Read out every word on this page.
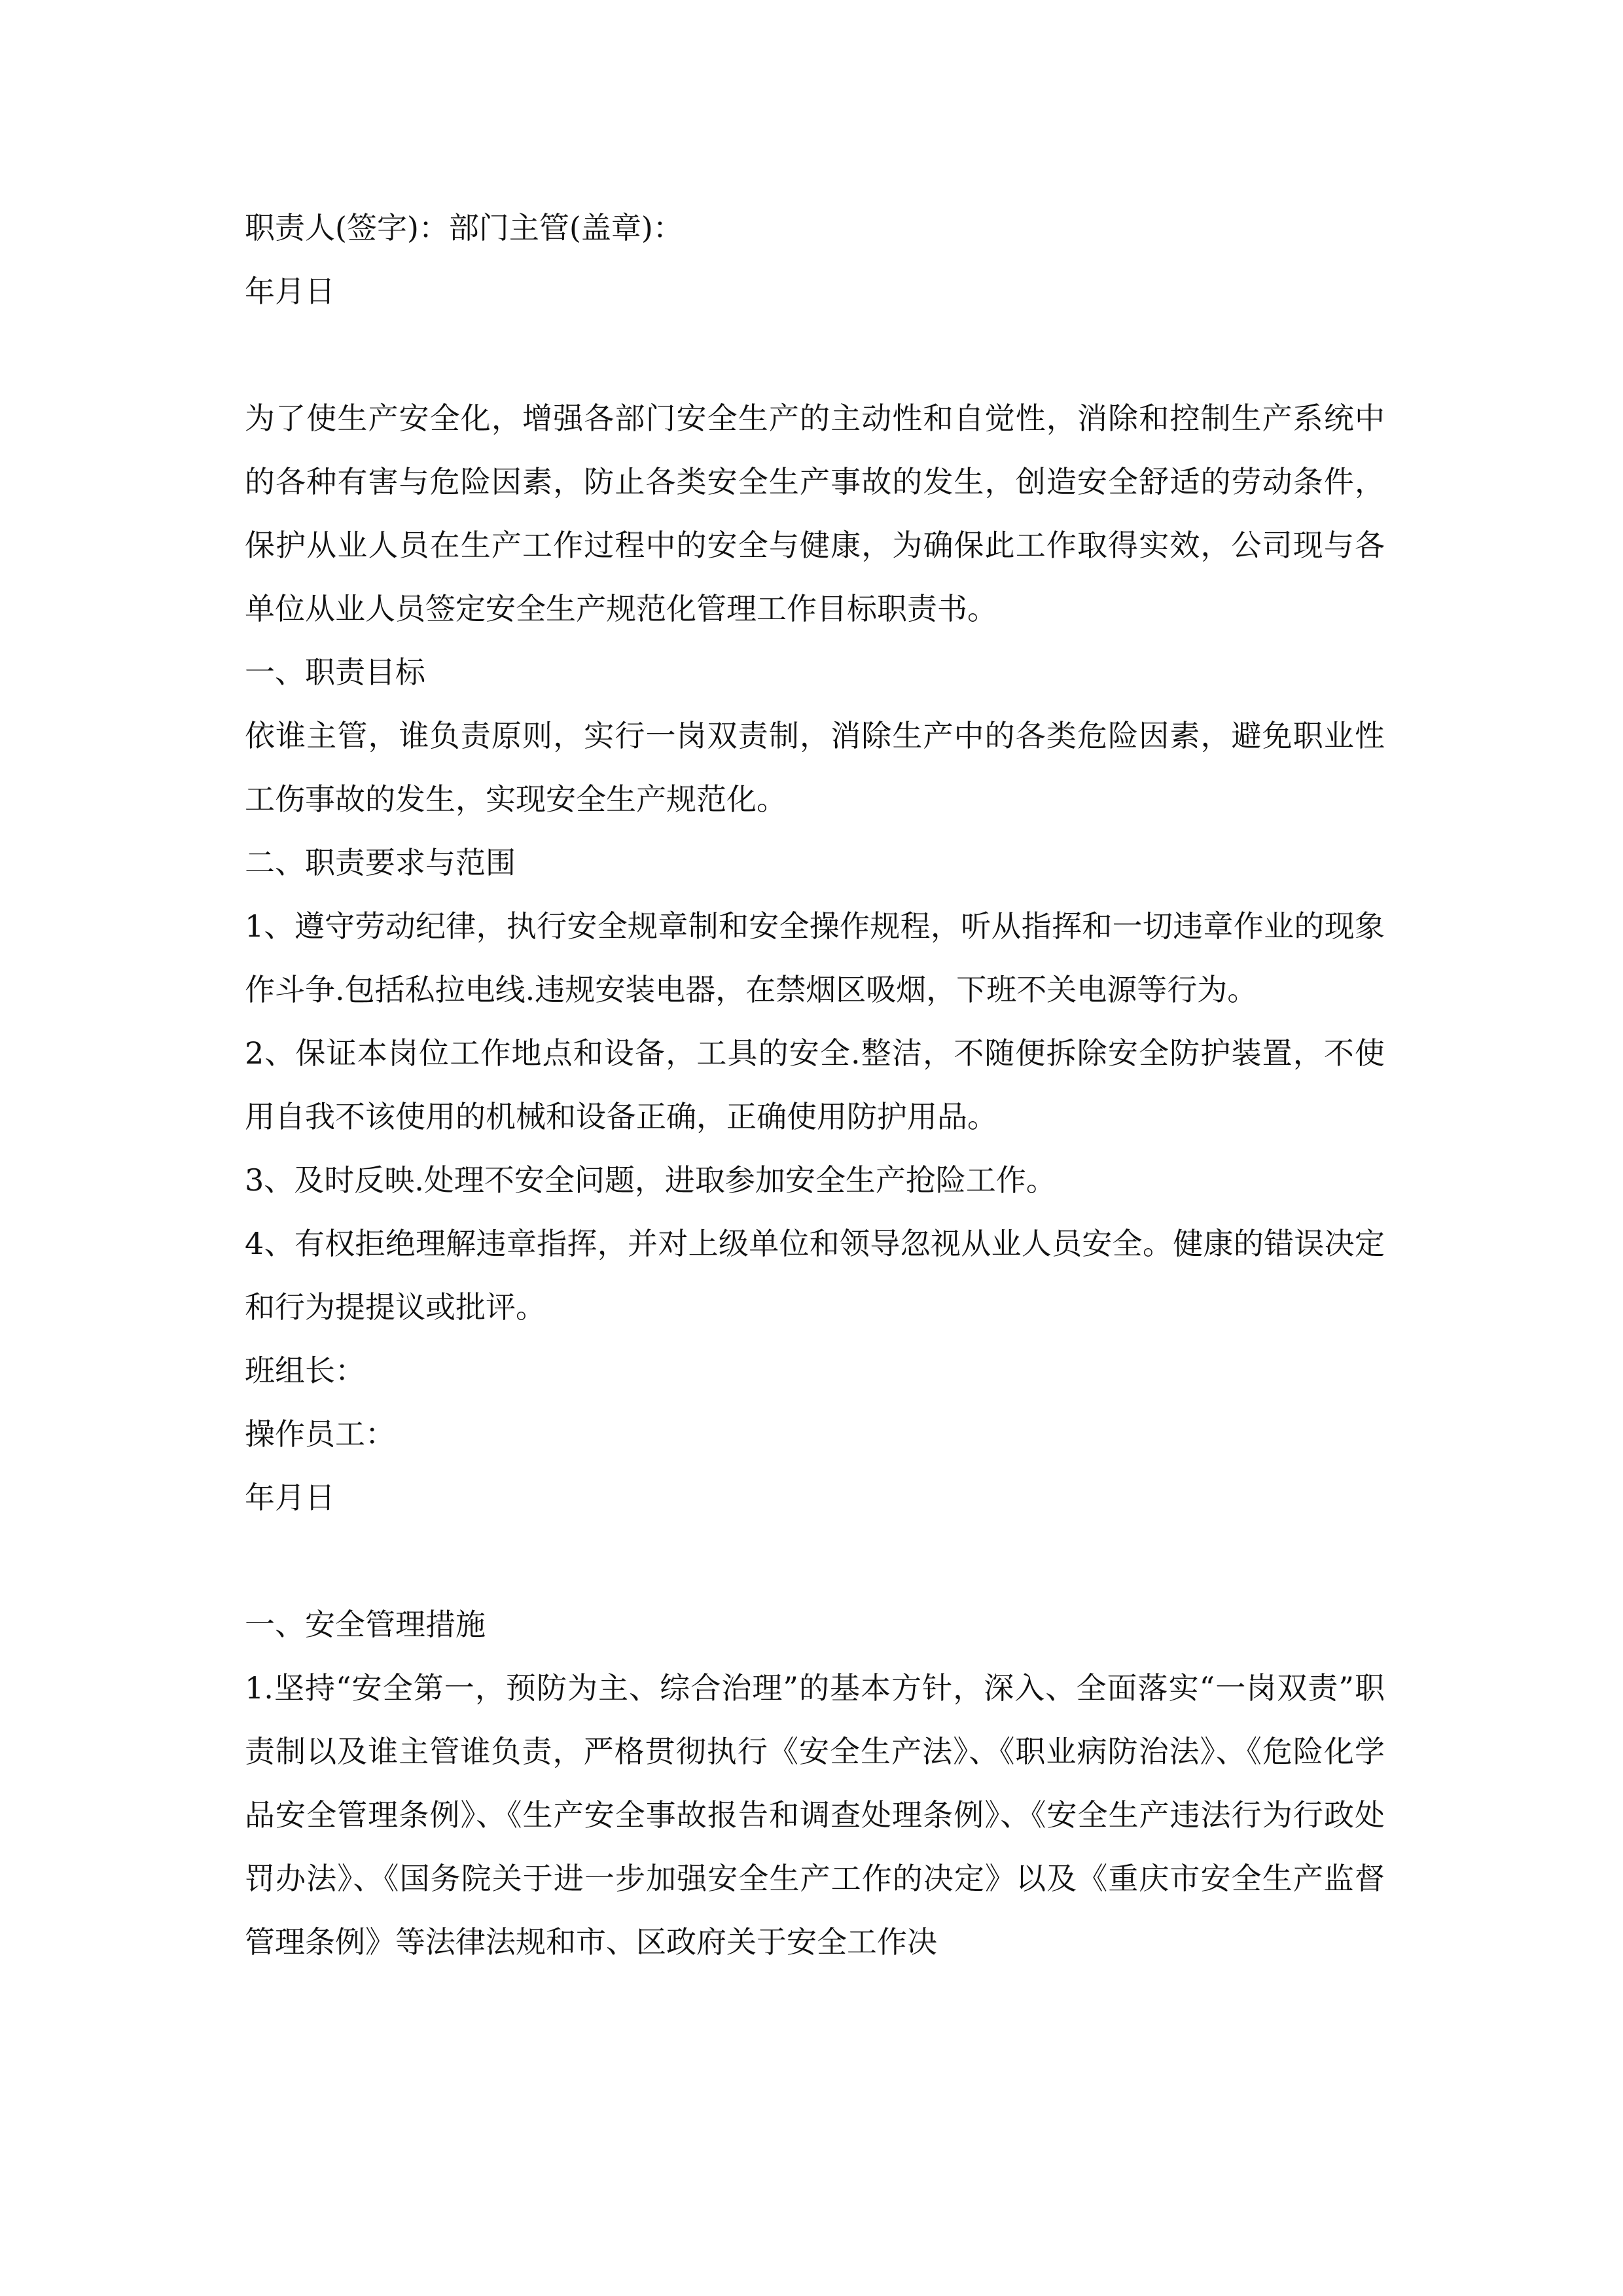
职责人(签字)：部门主管(盖章)：

年月日

为了使生产安全化，增强各部门安全生产的主动性和自觉性，消除和控制生产系统中的各种有害与危险因素，防止各类安全生产事故的发生，创造安全舒适的劳动条件，保护从业人员在生产工作过程中的安全与健康，为确保此工作取得实效，公司现与各单位从业人员签定安全生产规范化管理工作目标职责书。

一、职责目标

依谁主管，谁负责原则，实行一岗双责制，消除生产中的各类危险因素，避免职业性工伤事故的发生，实现安全生产规范化。

二、职责要求与范围

1、遵守劳动纪律，执行安全规章制和安全操作规程，听从指挥和一切违章作业的现象作斗争.包括私拉电线.违规安装电器，在禁烟区吸烟，下班不关电源等行为。

2、保证本岗位工作地点和设备，工具的安全.整洁，不随便拆除安全防护装置，不使用自我不该使用的机械和设备正确，正确使用防护用品。

3、及时反映.处理不安全问题，进取参加安全生产抢险工作。

4、有权拒绝理解违章指挥，并对上级单位和领导忽视从业人员安全。健康的错误决定和行为提提议或批评。

班组长：

操作员工：

年月日

一、安全管理措施

1.坚持“安全第一，预防为主、综合治理”的基本方针，深入、全面落实“一岗双责”职责制以及谁主管谁负责，严格贯彻执行《安全生产法》、《职业病防治法》、《危险化学品安全管理条例》、《生产安全事故报告和调查处理条例》、《安全生产违法行为行政处罚办法》、《国务院关于进一步加强安全生产工作的决定》以及《重庆市安全生产监督管理条例》等法律法规和市、区政府关于安全工作决
